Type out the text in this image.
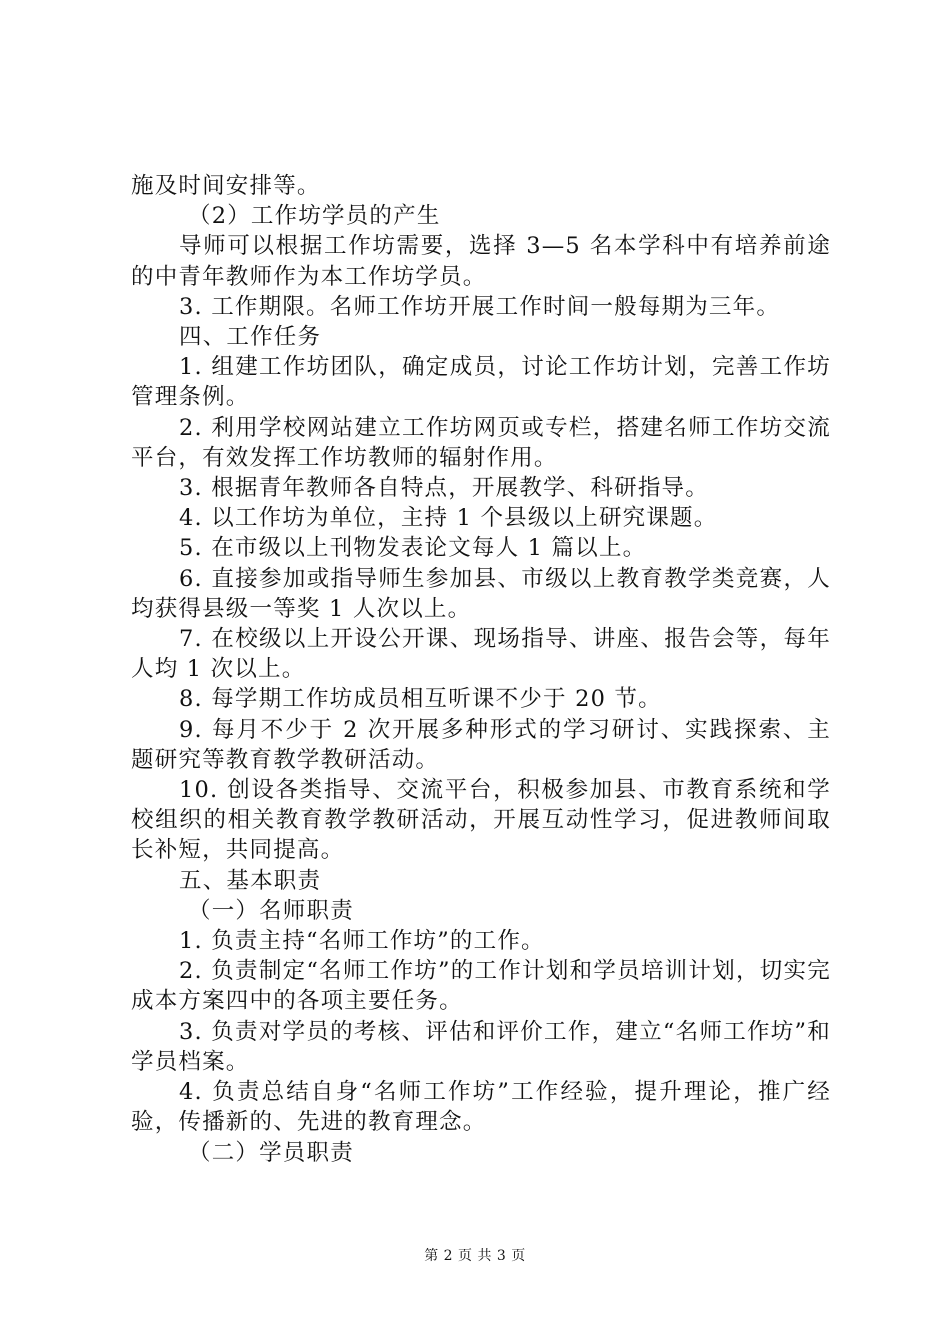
施及时间安排等。

（2）工作坊学员的产生

导师可以根据工作坊需要，选择 3—5 名本学科中有培养前途的中青年教师作为本工作坊学员。

3. 工作期限。名师工作坊开展工作时间一般每期为三年。

四、工作任务

1. 组建工作坊团队，确定成员，讨论工作坊计划，完善工作坊管理条例。

2. 利用学校网站建立工作坊网页或专栏，搭建名师工作坊交流平台，有效发挥工作坊教师的辐射作用。

3. 根据青年教师各自特点，开展教学、科研指导。

4. 以工作坊为单位，主持 1 个县级以上研究课题。

5. 在市级以上刊物发表论文每人 1 篇以上。

6. 直接参加或指导师生参加县、市级以上教育教学类竞赛，人均获得县级一等奖 1 人次以上。

7. 在校级以上开设公开课、现场指导、讲座、报告会等，每年人均 1 次以上。

8. 每学期工作坊成员相互听课不少于 20 节。

9. 每月不少于 2 次开展多种形式的学习研讨、实践探索、主题研究等教育教学教研活动。

10. 创设各类指导、交流平台，积极参加县、市教育系统和学校组织的相关教育教学教研活动，开展互动性学习，促进教师间取长补短，共同提高。

五、基本职责

（一）名师职责

1. 负责主持“名师工作坊”的工作。

2. 负责制定“名师工作坊”的工作计划和学员培训计划，切实完成本方案四中的各项主要任务。

3. 负责对学员的考核、评估和评价工作，建立“名师工作坊”和学员档案。

4. 负责总结自身“名师工作坊”工作经验，提升理论，推广经验，传播新的、先进的教育理念。

（二）学员职责

第 2 页 共 3 页
